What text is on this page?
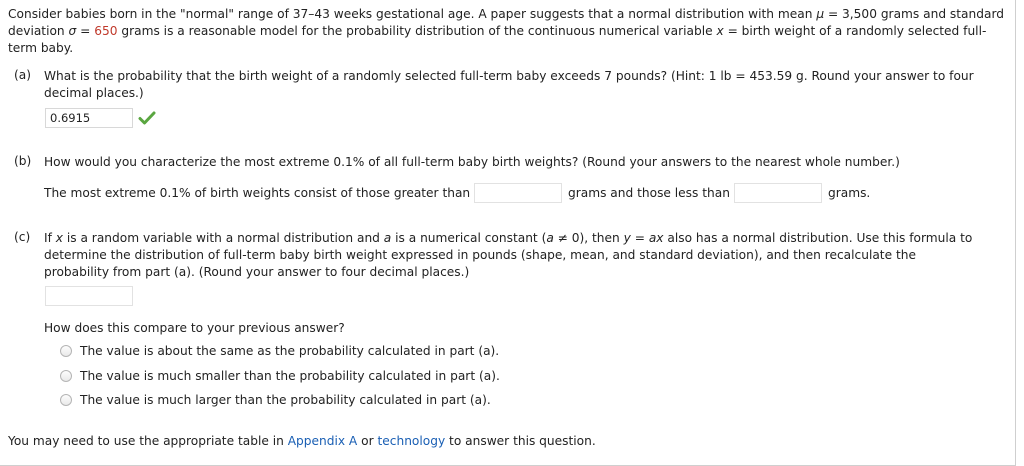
Consider babies born in the "normal" range of 37–43 weeks gestational age. A paper suggests that a normal distribution with mean μ = 3,500 grams and standard deviation σ = 650 grams is a reasonable model for the probability distribution of the continuous numerical variable x = birth weight of a randomly selected full-term baby.
(a) What is the probability that the birth weight of a randomly selected full-term baby exceeds 7 pounds? (Hint: 1 lb = 453.59 g. Round your answer to four decimal places.)
0.6915
(b) How would you characterize the most extreme 0.1% of all full-term baby birth weights? (Round your answers to the nearest whole number.)
The most extreme 0.1% of birth weights consist of those greater than	grams and those less than	grams.
(c) If x is a random variable with a normal distribution and a is a numerical constant (a ≠ 0), then y = ax also has a normal distribution. Use this formula to determine the distribution of full-term baby birth weight expressed in pounds (shape, mean, and standard deviation), and then recalculate the probability from part (a). (Round your answer to four decimal places.)
How does this compare to your previous answer?
The value is about the same as the probability calculated in part (a).
The value is much smaller than the probability calculated in part (a).
The value is much larger than the probability calculated in part (a).
You may need to use the appropriate table in Appendix A or technology to answer this question.
